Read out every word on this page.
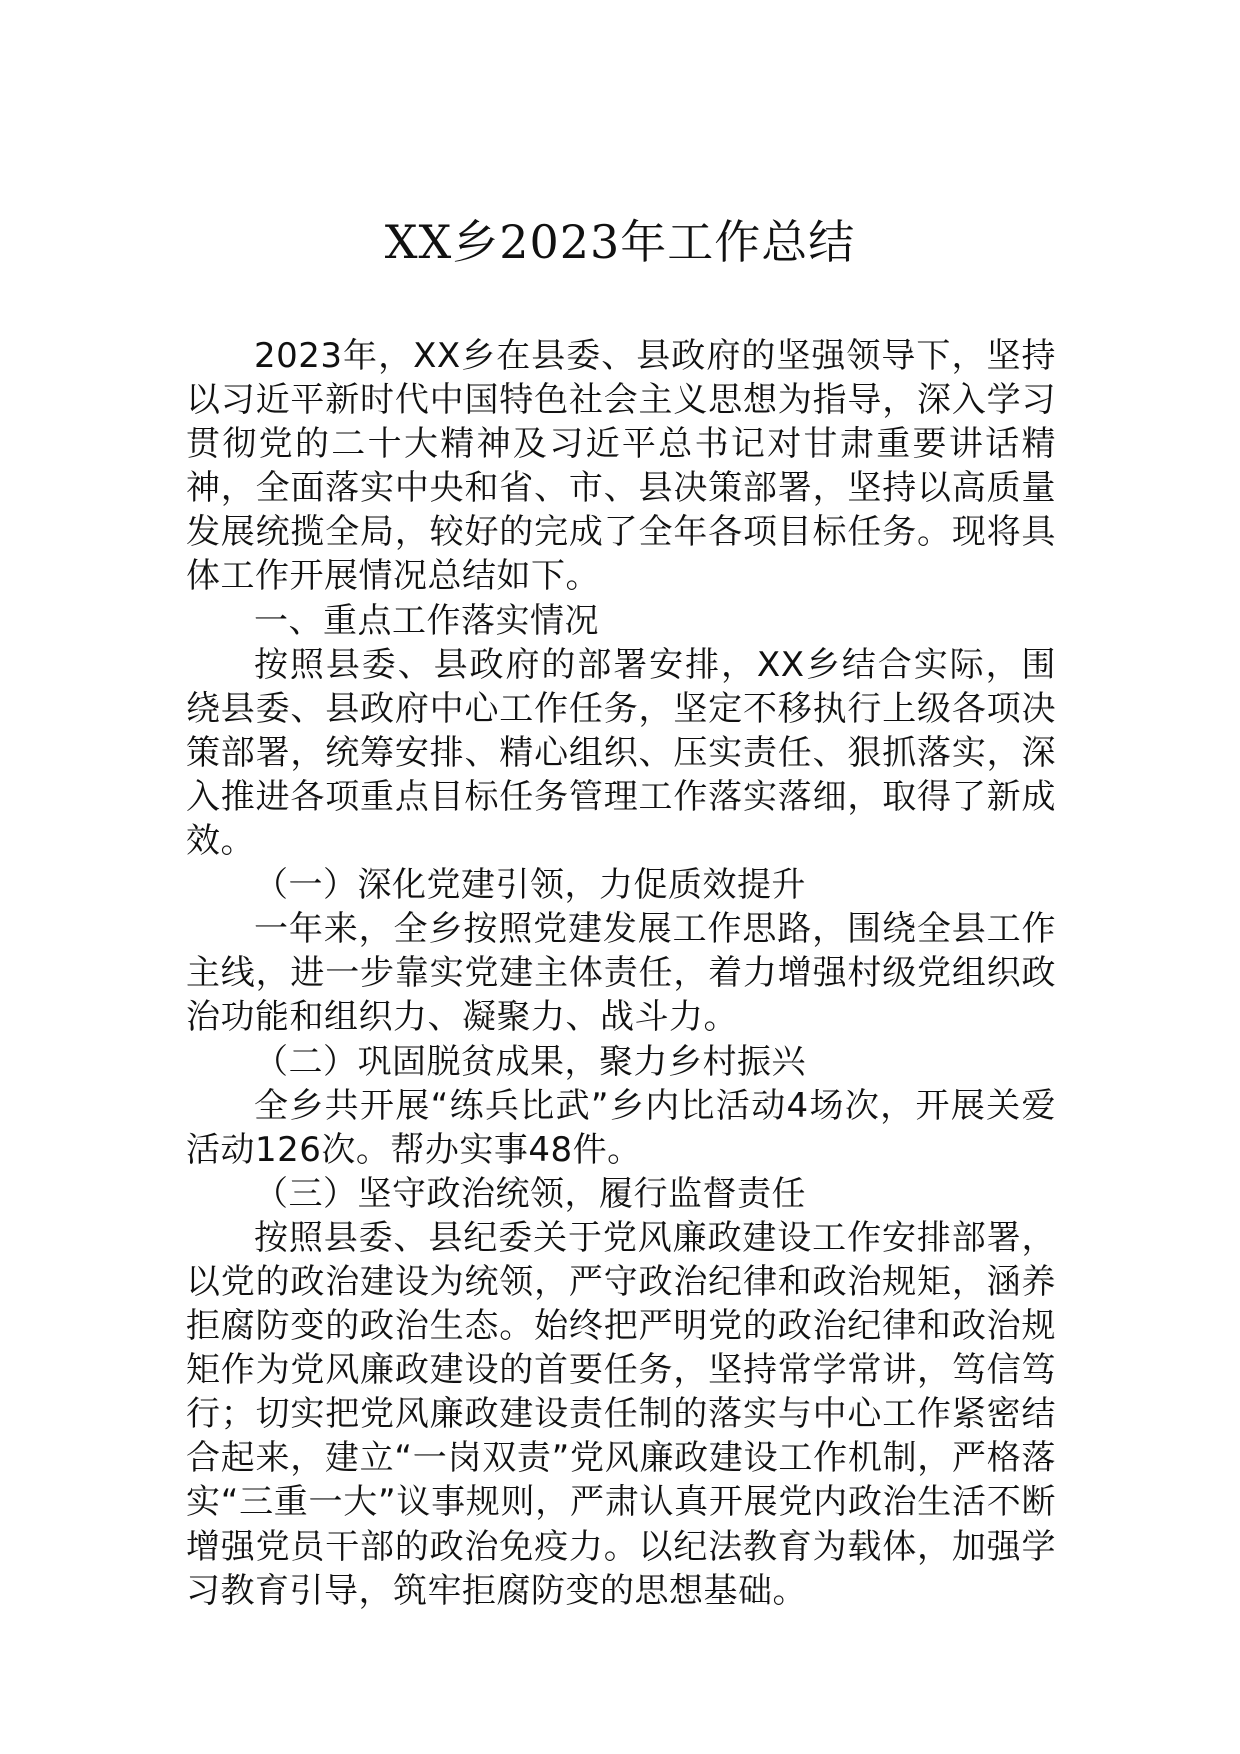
XX乡2023年工作总结

2023年，XX乡在县委、县政府的坚强领导下，坚持以习近平新时代中国特色社会主义思想为指导，深入学习贯彻党的二十大精神及习近平总书记对甘肃重要讲话精神，全面落实中央和省、市、县决策部署，坚持以高质量发展统揽全局，较好的完成了全年各项目标任务。现将具体工作开展情况总结如下。

一、重点工作落实情况

按照县委、县政府的部署安排，XX乡结合实际，围绕县委、县政府中心工作任务，坚定不移执行上级各项决策部署，统筹安排、精心组织、压实责任、狠抓落实，深入推进各项重点目标任务管理工作落实落细，取得了新成效。

（一）深化党建引领，力促质效提升

一年来，全乡按照党建发展工作思路，围绕全县工作主线，进一步靠实党建主体责任，着力增强村级党组织政治功能和组织力、凝聚力、战斗力。

（二）巩固脱贫成果，聚力乡村振兴

全乡共开展“练兵比武”乡内比活动4场次，开展关爱活动126次。帮办实事48件。

（三）坚守政治统领，履行监督责任

按照县委、县纪委关于党风廉政建设工作安排部署，以党的政治建设为统领，严守政治纪律和政治规矩，涵养拒腐防变的政治生态。始终把严明党的政治纪律和政治规矩作为党风廉政建设的首要任务，坚持常学常讲，笃信笃行；切实把党风廉政建设责任制的落实与中心工作紧密结合起来，建立“一岗双责”党风廉政建设工作机制，严格落实“三重一大”议事规则，严肃认真开展党内政治生活不断增强党员干部的政治免疫力。以纪法教育为载体，加强学习教育引导，筑牢拒腐防变的思想基础。
